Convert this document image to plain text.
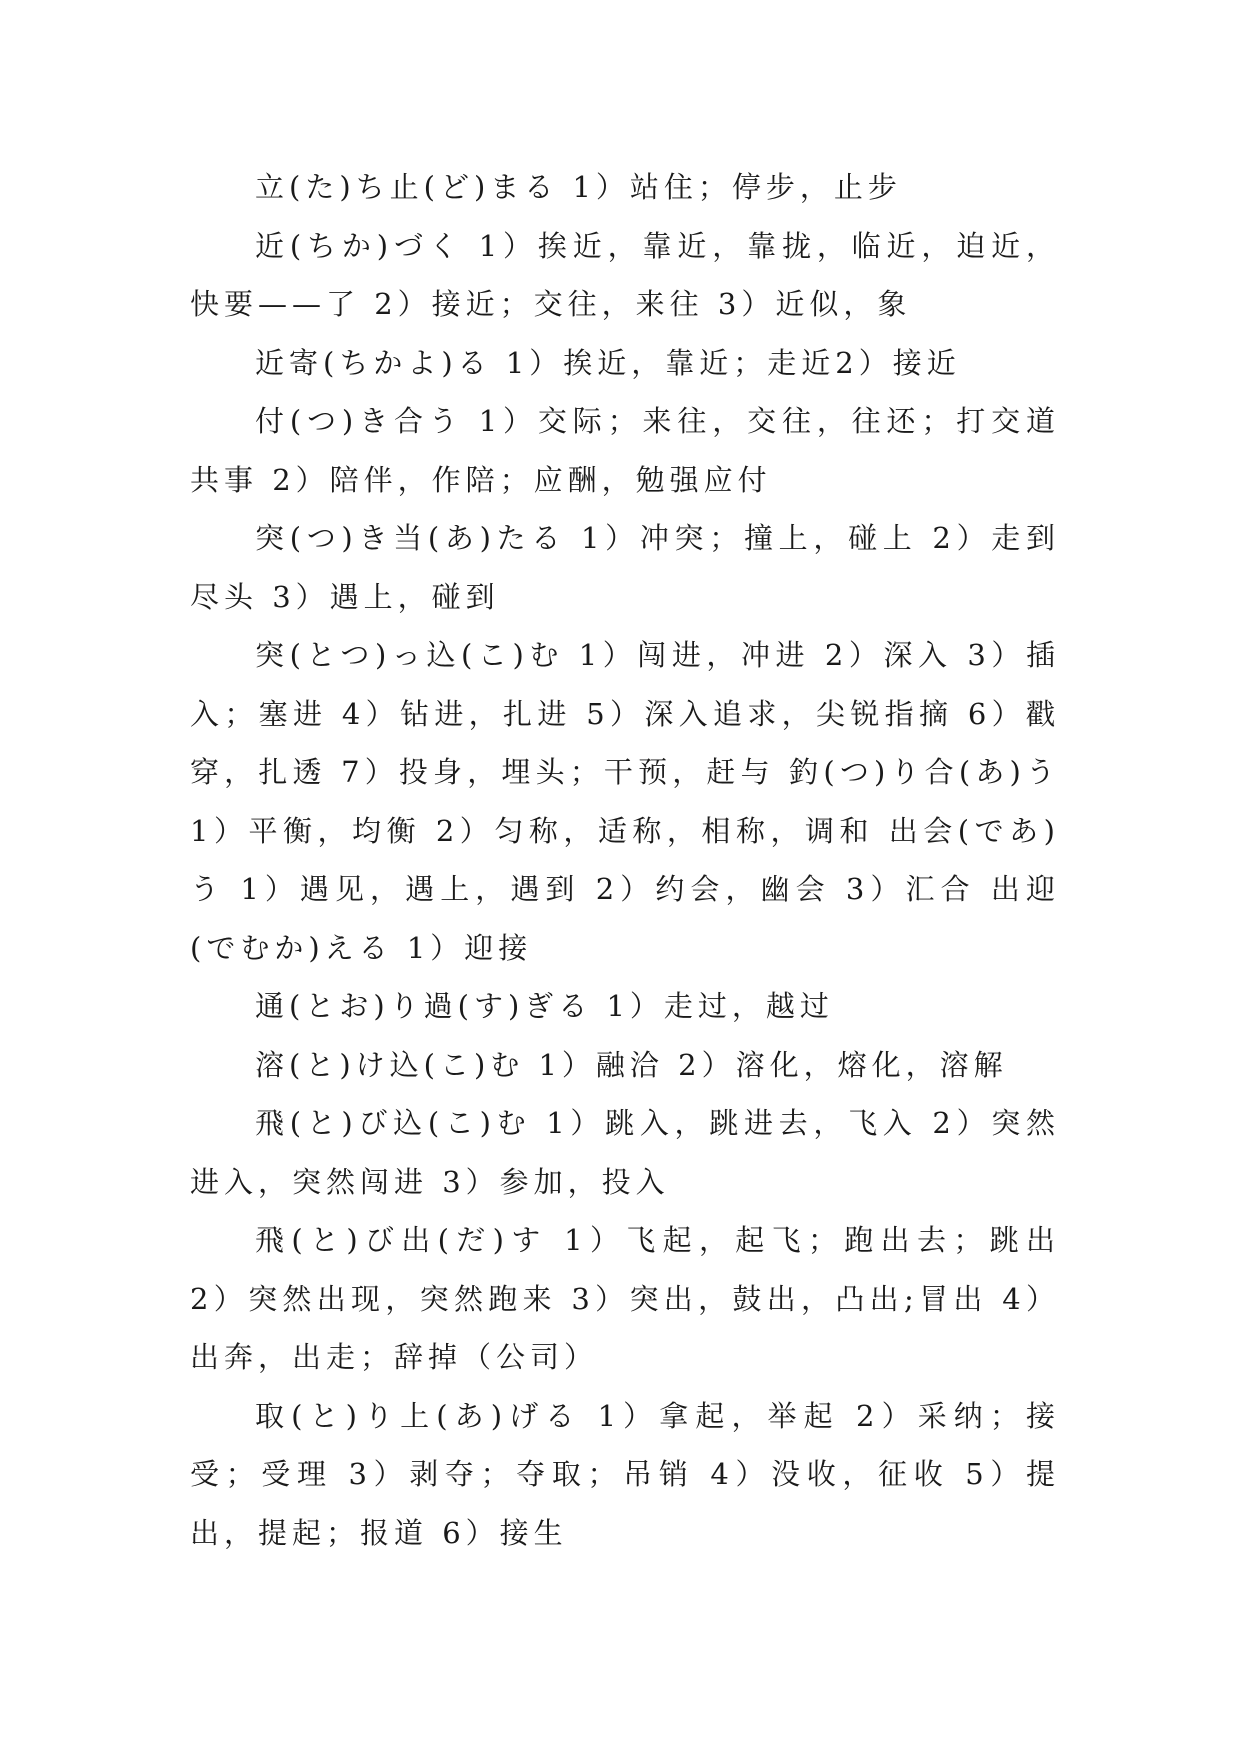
立(た)ち止(ど)まる 1）站住；停步，止步

近(ちか)づく 1）挨近，靠近，靠拢，临近，迫近，快要——了 2）接近；交往，来往 3）近似，象

近寄(ちかよ)る 1）挨近，靠近；走近2）接近

付(つ)き合う 1）交际；来往，交往，往还；打交道共事 2）陪伴，作陪；应酬，勉强应付

突(つ)き当(あ)たる 1）冲突；撞上，碰上 2）走到尽头 3）遇上，碰到

突(とつ)っ込(こ)む 1）闯进，冲进 2）深入 3）插入；塞进 4）钻进，扎进 5）深入追求，尖锐指摘 6）戳穿，扎透 7）投身，埋头；干预，赶与 釣(つ)り合(あ)う 1）平衡，均衡 2）匀称，适称，相称，调和 出会(であ)う 1）遇见，遇上，遇到 2）约会，幽会 3）汇合 出迎(でむか)える 1）迎接

通(とお)り過(す)ぎる 1）走过，越过

溶(と)け込(こ)む 1）融洽 2）溶化，熔化，溶解

飛(と)び込(こ)む 1）跳入，跳进去，飞入 2）突然进入，突然闯进 3）参加，投入

飛(と)び出(だ)す 1）飞起，起飞；跑出去；跳出 2）突然出现，突然跑来 3）突出，鼓出，凸出;冒出 4）出奔，出走；辞掉（公司）

取(と)り上(あ)げる 1）拿起，举起 2）采纳；接受；受理 3）剥夺；夺取；吊销 4）没收，征收 5）提出，提起；报道 6）接生
